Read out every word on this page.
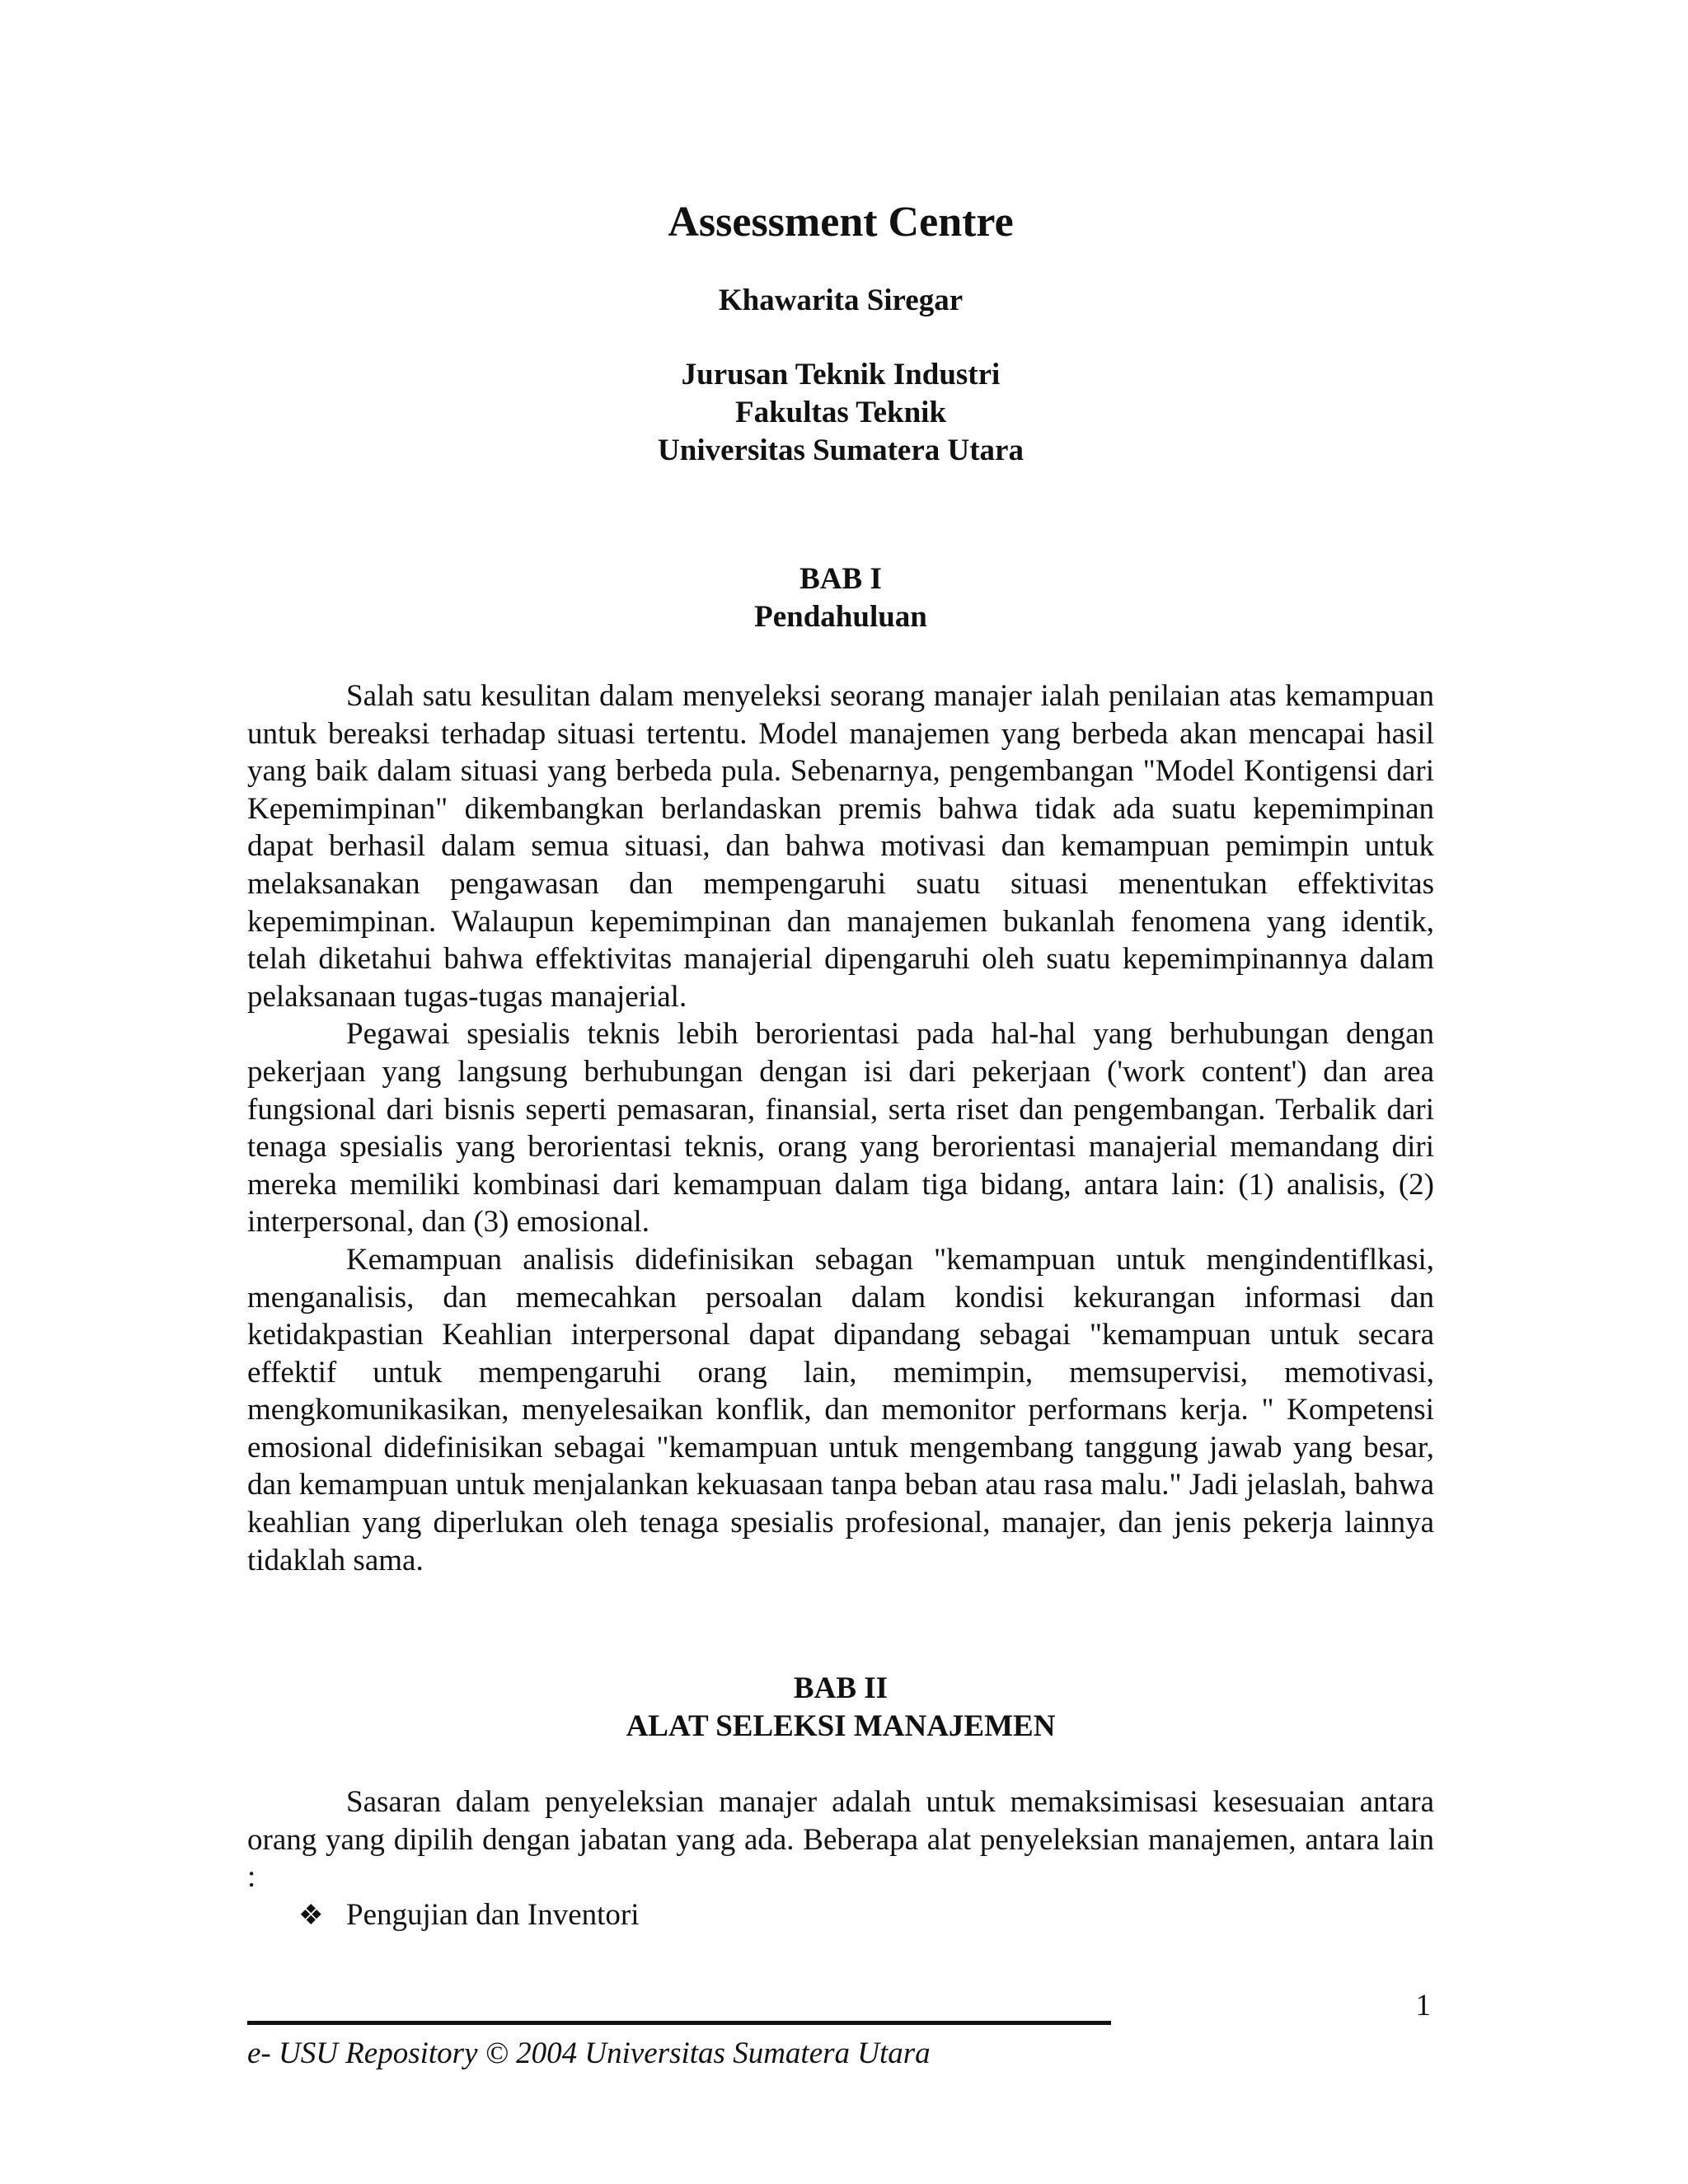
Assessment Centre
Khawarita Siregar
Jurusan Teknik Industri
Fakultas Teknik
Universitas Sumatera Utara
BAB I
Pendahuluan

Salah satu kesulitan dalam menyeleksi seorang manajer ialah penilaian atas kemampuan untuk bereaksi terhadap situasi tertentu. Model manajemen yang berbeda akan mencapai hasil yang baik dalam situasi yang berbeda pula. Sebenarnya, pengembangan "Model Kontigensi dari Kepemimpinan" dikembangkan berlandaskan premis bahwa tidak ada suatu kepemimpinan dapat berhasil dalam semua situasi, dan bahwa motivasi dan kemampuan pemimpin untuk melaksanakan pengawasan dan mempengaruhi suatu situasi menentukan effektivitas kepemimpinan. Walaupun kepemimpinan dan manajemen bukanlah fenomena yang identik, telah diketahui bahwa effektivitas manajerial dipengaruhi oleh suatu kepemimpinannya dalam pelaksanaan tugas-tugas manajerial.

Pegawai spesialis teknis lebih berorientasi pada hal-hal yang berhubungan dengan pekerjaan yang langsung berhubungan dengan isi dari pekerjaan ('work content') dan area fungsional dari bisnis seperti pemasaran, finansial, serta riset dan pengembangan. Terbalik dari tenaga spesialis yang berorientasi teknis, orang yang berorientasi manajerial memandang diri mereka memiliki kombinasi dari kemampuan dalam tiga bidang, antara lain: (1) analisis, (2) interpersonal, dan (3) emosional.

Kemampuan analisis didefinisikan sebagan "kemampuan untuk mengindentiflkasi, menganalisis, dan memecahkan persoalan dalam kondisi kekurangan informasi dan ketidakpastian Keahlian interpersonal dapat dipandang sebagai "kemampuan untuk secara effektif untuk mempengaruhi orang lain, memimpin, memsupervisi, memotivasi, mengkomunikasikan, menyelesaikan konflik, dan memonitor performans kerja. " Kompetensi emosional didefinisikan sebagai "kemampuan untuk mengembang tanggung jawab yang besar, dan kemampuan untuk menjalankan kekuasaan tanpa beban atau rasa malu." Jadi jelaslah, bahwa keahlian yang diperlukan oleh tenaga spesialis profesional, manajer, dan jenis pekerja lainnya tidaklah sama.

BAB II
ALAT SELEKSI MANAJEMEN

Sasaran dalam penyeleksian manajer adalah untuk memaksimisasi kesesuaian antara orang yang dipilih dengan jabatan yang ada. Beberapa alat penyeleksian manajemen, antara lain :

❖ Pengujian dan Inventori
1
e- USU Repository © 2004 Universitas Sumatera Utara
